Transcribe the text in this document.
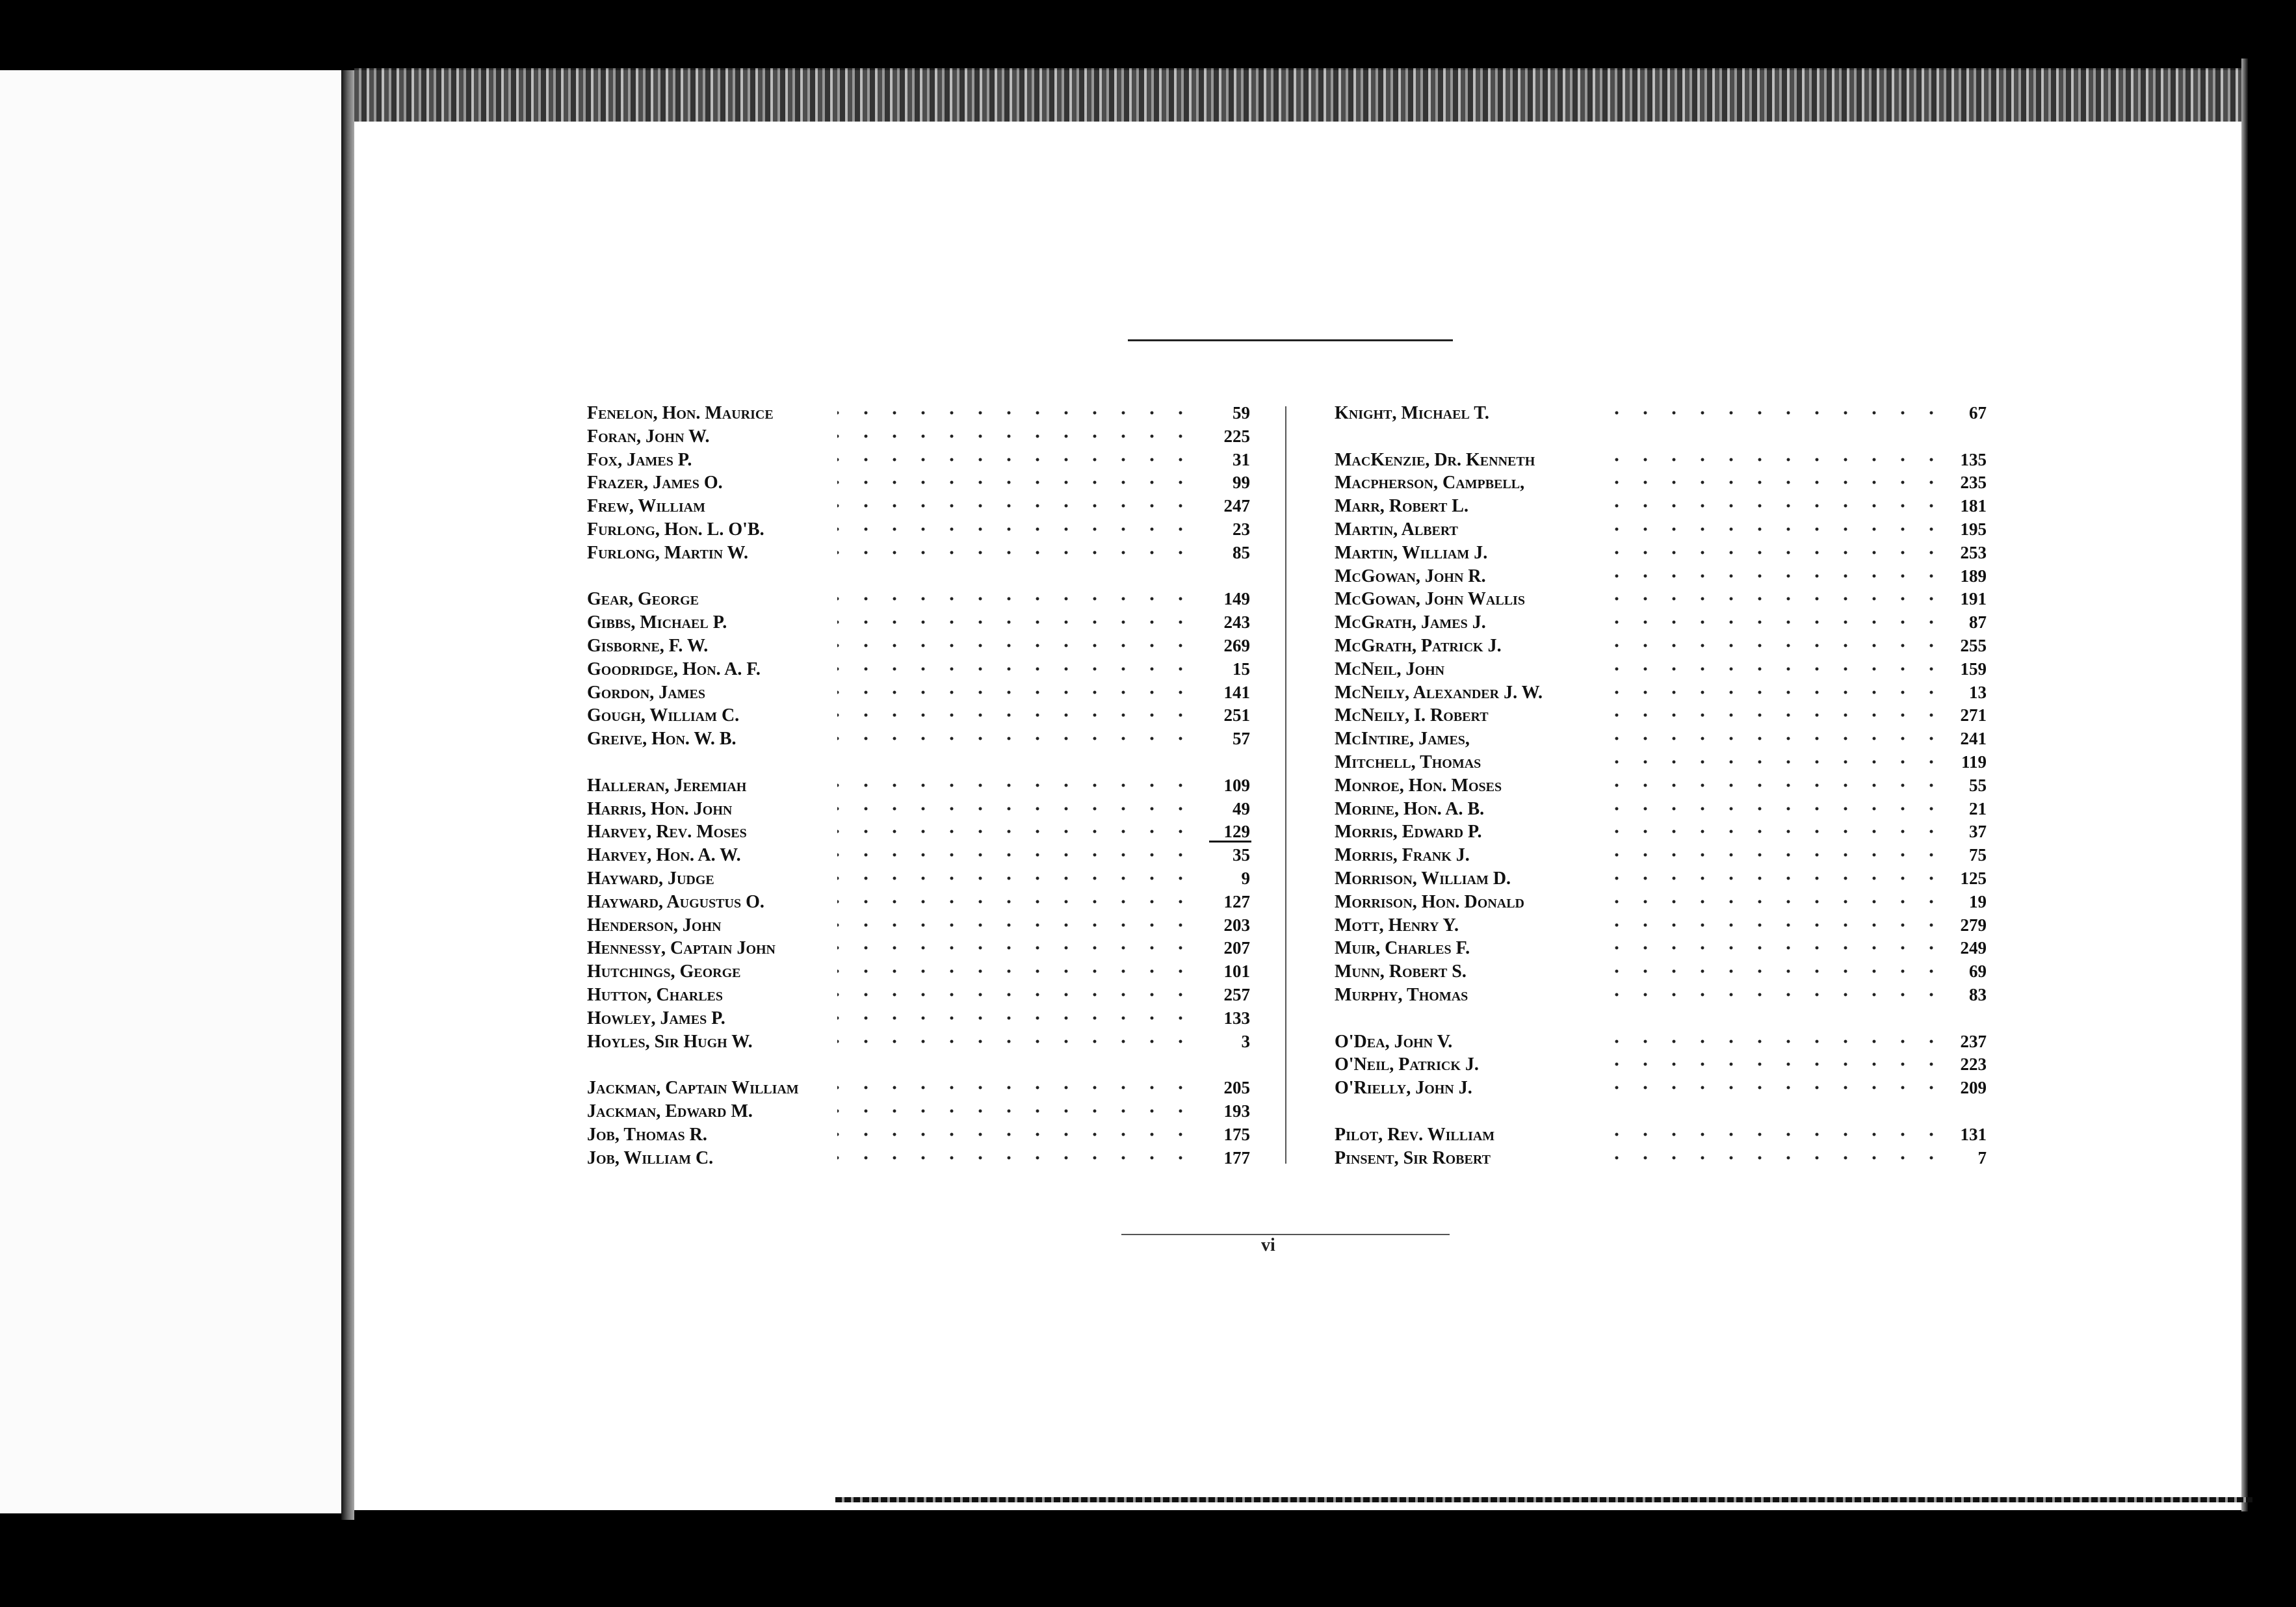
Fenelon, Hon. Maurice	59
Foran, John W.	225
Fox, James P.	31
Frazer, James O.	99
Frew, William	247
Furlong, Hon. L. O'B.	23
Furlong, Martin W.	85
Gear, George	149
Gibbs, Michael P.	243
Gisborne, F. W.	269
Goodridge, Hon. A. F.	15
Gordon, James	141
Gough, William C.	251
Greive, Hon. W. B.	57
Halleran, Jeremiah	109
Harris, Hon. John	49
Harvey, Rev. Moses	129
Harvey, Hon. A. W.	35
Hayward, Judge	9
Hayward, Augustus O.	127
Henderson, John	203
Hennessy, Captain John	207
Hutchings, George	101
Hutton, Charles	257
Howley, James P.	133
Hoyles, Sir Hugh W.	3
Jackman, Captain William	205
Jackman, Edward M.	193
Job, Thomas R.	175
Job, William C.	177
Knight, Michael T.	67
MacKenzie, Dr. Kenneth	135
Macpherson, Campbell,	235
Marr, Robert L.	181
Martin, Albert	195
Martin, William J.	253
McGowan, John R.	189
McGowan, John Wallis	191
McGrath, James J.	87
McGrath, Patrick J.	255
McNeil, John	159
McNeily, Alexander J. W.	13
McNeily, I. Robert	271
McIntire, James,	241
Mitchell, Thomas	119
Monroe, Hon. Moses	55
Morine, Hon. A. B.	21
Morris, Edward P.	37
Morris, Frank J.	75
Morrison, William D.	125
Morrison, Hon. Donald	19
Mott, Henry Y.	279
Muir, Charles F.	249
Munn, Robert S.	69
Murphy, Thomas	83
O'Dea, John V.	237
O'Neil, Patrick J.	223
O'Rielly, John J.	209
Pilot, Rev. William	131
Pinsent, Sir Robert	7
vi
